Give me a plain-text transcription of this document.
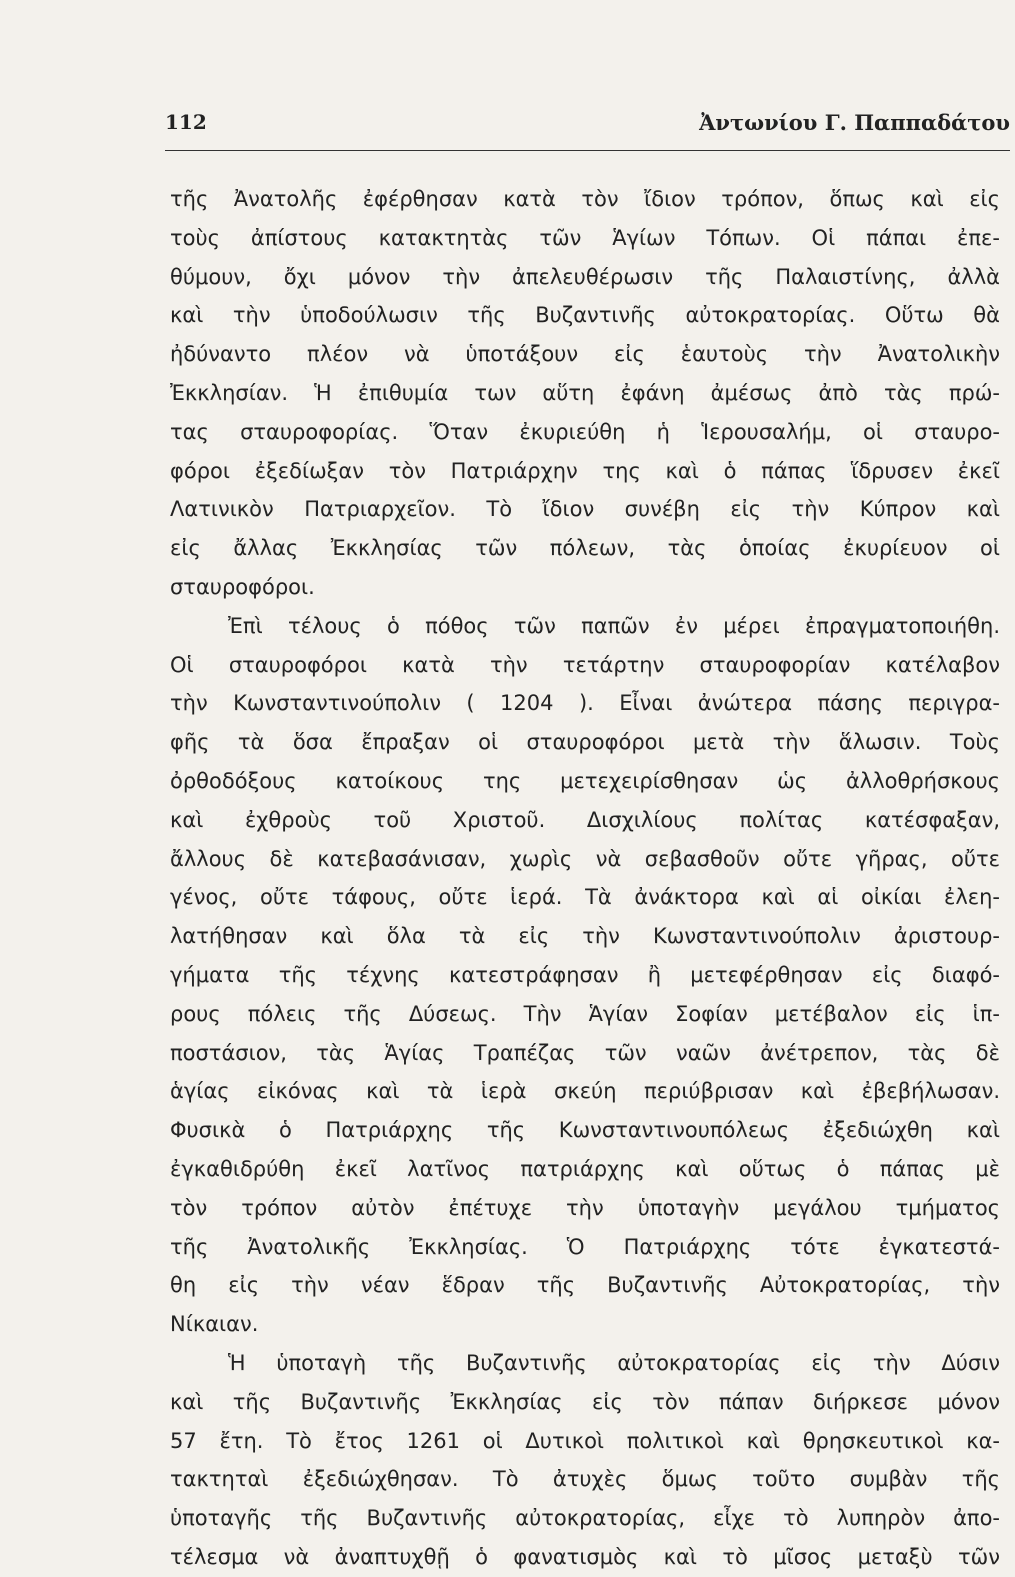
112	Ἀντωνίου Γ. Παππαδάτου
τῆς Ἀνατολῆς ἐφέρθησαν κατὰ τὸν ἴδιον τρόπον, ὅπως καὶ εἰς
τοὺς ἀπίστους κατακτητὰς τῶν Ἁγίων Τόπων. Οἱ πάπαι ἐπε-
θύμουν, ὄχι μόνον τὴν ἀπελευθέρωσιν τῆς Παλαιστίνης, ἀλλὰ
καὶ τὴν ὑποδούλωσιν τῆς Βυζαντινῆς αὐτοκρατορίας. Οὕτω θὰ
ἠδύναντο πλέον νὰ ὑποτάξουν εἰς ἑαυτοὺς τὴν Ἀνατολικὴν
Ἐκκλησίαν. Ἡ ἐπιθυμία των αὕτη ἐφάνη ἀμέσως ἀπὸ τὰς πρώ-
τας σταυροφορίας. Ὅταν ἐκυριεύθη ἡ Ἱερουσαλήμ, οἱ σταυρο-
φόροι ἐξεδίωξαν τὸν Πατριάρχην της καὶ ὁ πάπας ἵδρυσεν ἐκεῖ
Λατινικὸν Πατριαρχεῖον. Τὸ ἴδιον συνέβη εἰς τὴν Κύπρον καὶ
εἰς ἄλλας Ἐκκλησίας τῶν πόλεων, τὰς ὁποίας ἐκυρίευον οἱ
σταυροφόροι.
Ἐπὶ τέλους ὁ πόθος τῶν παπῶν ἐν μέρει ἐπραγματοποιήθη.
Οἱ σταυροφόροι κατὰ τὴν τετάρτην σταυροφορίαν κατέλαβον
τὴν Κωνσταντινούπολιν ( 1204 ). Εἶναι ἀνώτερα πάσης περιγρα-
φῆς τὰ ὅσα ἔπραξαν οἱ σταυροφόροι μετὰ τὴν ἅλωσιν. Τοὺς
ὀρθοδόξους κατοίκους της μετεχειρίσθησαν ὡς ἀλλοθρήσκους
καὶ ἐχθροὺς τοῦ Χριστοῦ. Δισχιλίους πολίτας κατέσφαξαν,
ἄλλους δὲ κατεβασάνισαν, χωρὶς νὰ σεβασθοῦν οὔτε γῆρας, οὔτε
γένος, οὔτε τάφους, οὔτε ἱερά. Τὰ ἀνάκτορα καὶ αἱ οἰκίαι ἐλεη-
λατήθησαν καὶ ὅλα τὰ εἰς τὴν Κωνσταντινούπολιν ἀριστουρ-
γήματα τῆς τέχνης κατεστράφησαν ἢ μετεφέρθησαν εἰς διαφό-
ρους πόλεις τῆς Δύσεως. Τὴν Ἁγίαν Σοφίαν μετέβαλον εἰς ἱπ-
ποστάσιον, τὰς Ἁγίας Τραπέζας τῶν ναῶν ἀνέτρεπον, τὰς δὲ
ἁγίας εἰκόνας καὶ τὰ ἱερὰ σκεύη περιύβρισαν καὶ ἐβεβήλωσαν.
Φυσικὰ ὁ Πατριάρχης τῆς Κωνσταντινουπόλεως ἐξεδιώχθη καὶ
ἐγκαθιδρύθη ἐκεῖ λατῖνος πατριάρχης καὶ οὕτως ὁ πάπας μὲ
τὸν τρόπον αὐτὸν ἐπέτυχε τὴν ὑποταγὴν μεγάλου τμήματος
τῆς Ἀνατολικῆς Ἐκκλησίας. Ὁ Πατριάρχης τότε ἐγκατεστά-
θη εἰς τὴν νέαν ἕδραν τῆς Βυζαντινῆς Αὐτοκρατορίας, τὴν
Νίκαιαν.
Ἡ ὑποταγὴ τῆς Βυζαντινῆς αὐτοκρατορίας εἰς τὴν Δύσιν
καὶ τῆς Βυζαντινῆς Ἐκκλησίας εἰς τὸν πάπαν διήρκεσε μόνον
57 ἔτη. Τὸ ἔτος 1261 οἱ Δυτικοὶ πολιτικοὶ καὶ θρησκευτικοὶ κα-
τακτηταὶ ἐξεδιώχθησαν. Τὸ ἀτυχὲς ὅμως τοῦτο συμβὰν τῆς
ὑποταγῆς τῆς Βυζαντινῆς αὐτοκρατορίας, εἶχε τὸ λυπηρὸν ἀπο-
τέλεσμα νὰ ἀναπτυχθῇ ὁ φανατισμὸς καὶ τὸ μῖσος μεταξὺ τῶν
